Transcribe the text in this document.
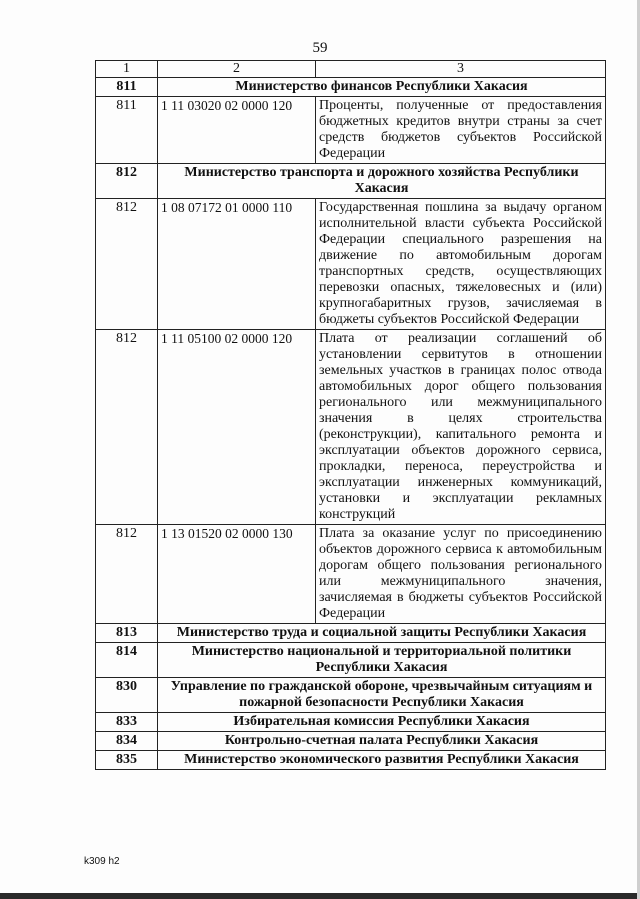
59
1	2	3
811	Министерство финансов Республики Хакасия	
811	1 11 03020 02 0000 120	Проценты, полученные от предоставления бюджетных кредитов внутри страны за счет средств бюджетов субъектов Российской Федерации
812	Министерство транспорта и дорожного хозяйства Республики Хакасия	
812	1 08 07172 01 0000 110	Государственная пошлина за выдачу органом исполнительной власти субъекта Российской Федерации специального разрешения на движение по автомобильным дорогам транспортных средств, осуществляющих перевозки опасных, тяжеловесных и (или) крупногабаритных грузов, зачисляемая в бюджеты субъектов Российской Федерации
812	1 11 05100 02 0000 120	Плата от реализации соглашений об установлении сервитутов в отношении земельных участков в границах полос отвода автомобильных дорог общего пользования регионального или межмуниципального значения в целях строительства (реконструкции), капитального ремонта и эксплуатации объектов дорожного сервиса, прокладки, переноса, переустройства и эксплуатации инженерных коммуникаций, установки и эксплуатации рекламных конструкций
812	1 13 01520 02 0000 130	Плата за оказание услуг по присоединению объектов дорожного сервиса к автомобильным дорогам общего пользования регионального или межмуниципального значения, зачисляемая в бюджеты субъектов Российской Федерации
813	Министерство труда и социальной защиты Республики Хакасия	
814	Министерство национальной и территориальной политики Республики Хакасия	
830	Управление по гражданской обороне, чрезвычайным ситуациям и пожарной безопасности Республики Хакасия	
833	Избирательная комиссия Республики Хакасия	
834	Контрольно-счетная палата Республики Хакасия	
835	Министерство экономического развития Республики Хакасия	
k309 h2
